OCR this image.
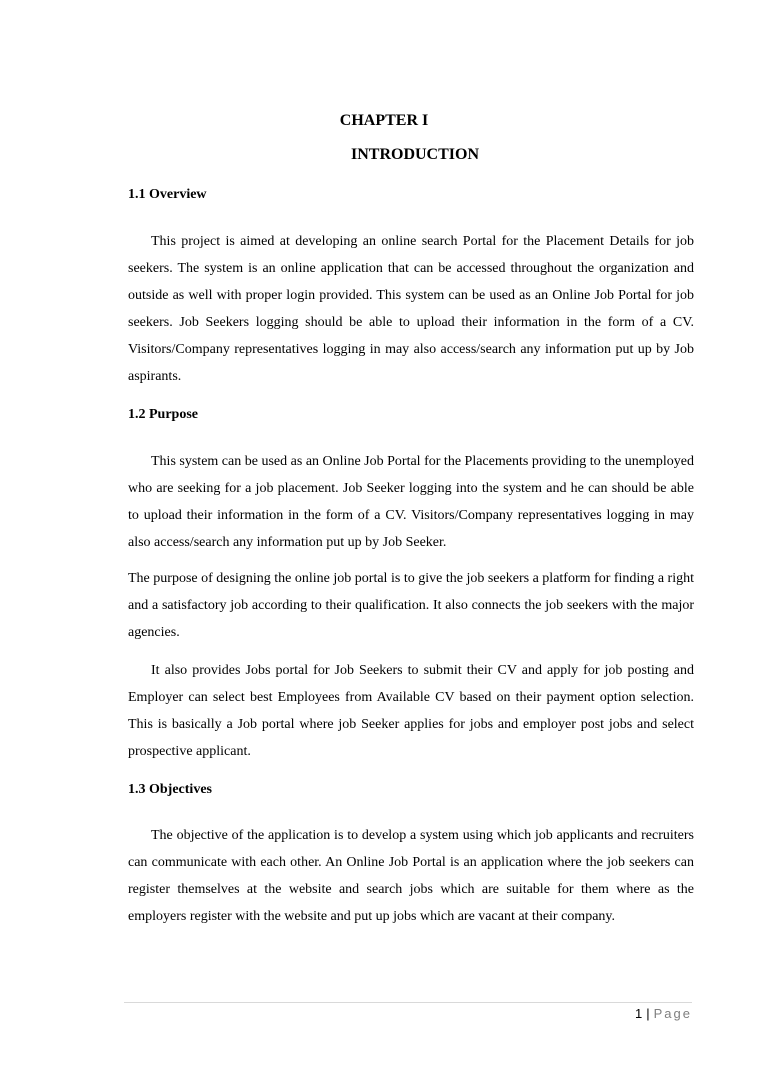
CHAPTER I
INTRODUCTION
1.1 Overview

This project is aimed at developing an online search Portal for the Placement Details for job seekers. The system is an online application that can be accessed throughout the organization and outside as well with proper login provided. This system can be used as an Online Job Portal for job seekers. Job Seekers logging should be able to upload their information in the form of a CV. Visitors/Company representatives logging in may also access/search any information put up by Job aspirants.

1.2 Purpose

This system can be used as an Online Job Portal for the Placements providing to the unemployed who are seeking for a job placement. Job Seeker logging into the system and he can should be able to upload their information in the form of a CV. Visitors/Company representatives logging in may also access/search any information put up by Job Seeker.

The purpose of designing the online job portal is to give the job seekers a platform for finding a right and a satisfactory job according to their qualification. It also connects the job seekers with the major agencies.

It also provides Jobs portal for Job Seekers to submit their CV and apply for job posting and Employer can select best Employees from Available CV based on their payment option selection. This is basically a Job portal where job Seeker applies for jobs and employer post jobs and select prospective applicant.

1.3 Objectives

The objective of the application is to develop a system using which job applicants and recruiters can communicate with each other. An Online Job Portal is an application where the job seekers can register themselves at the website and search jobs which are suitable for them where as the employers register with the website and put up jobs which are vacant at their company.

1 | Page
